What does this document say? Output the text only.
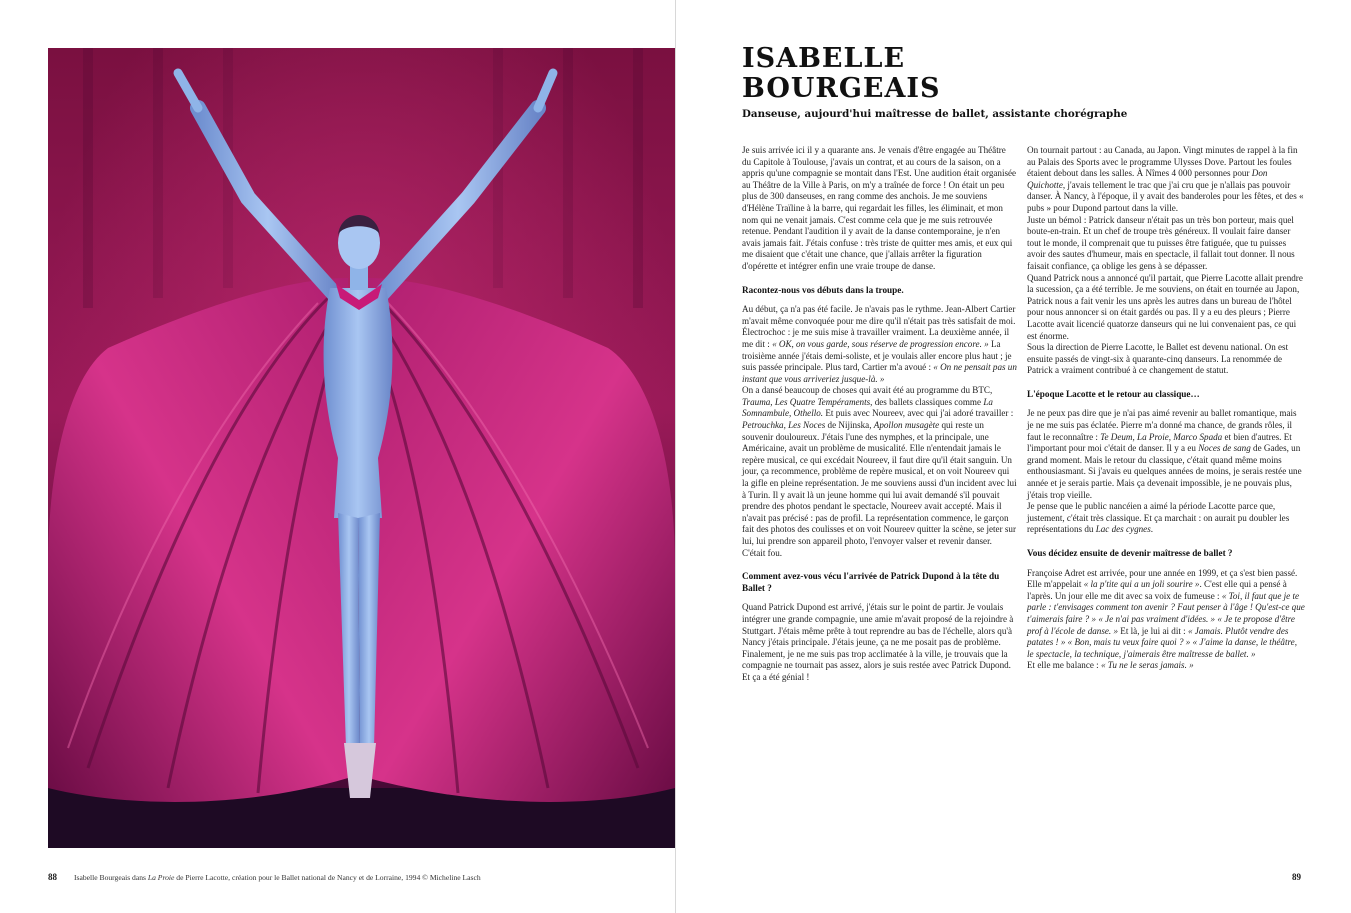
88 Isabelle Bourgeais dans La Proie de Pierre Lacotte, création pour le Ballet national de Nancy et de Lorraine, 1994 © Micheline Lasch
ISABELLE
BOURGEAIS
Danseuse, aujourd'hui maîtresse de ballet, assistante chorégraphe

Je suis arrivée ici il y a quarante ans. Je venais d'être engagée au Théâtre du Capitole à Toulouse, j'avais un contrat, et au cours de la saison, on a appris qu'une compagnie se montait dans l'Est. Une audition était organisée au Théâtre de la Ville à Paris, on m'y a traînée de force ! On était un peu plus de 300 danseuses, en rang comme des anchois. Je me souviens d'Hélène Traïline à la barre, qui regardait les filles, les éliminait, et mon nom qui ne venait jamais. C'est comme cela que je me suis retrouvée retenue. Pendant l'audition il y avait de la danse contemporaine, je n'en avais jamais fait. J'étais confuse : très triste de quitter mes amis, et eux qui me disaient que c'était une chance, que j'allais arrêter la figuration d'opérette et intégrer enfin une vraie troupe de danse.

Racontez-nous vos débuts dans la troupe.

Au début, ça n'a pas été facile. Je n'avais pas le rythme. Jean-Albert Cartier m'avait même convoquée pour me dire qu'il n'était pas très satisfait de moi. Électrochoc : je me suis mise à travailler vraiment. La deuxième année, il me dit : « OK, on vous garde, sous réserve de progression encore. » La troisième année j'étais demi-soliste, et je voulais aller encore plus haut ; je suis passée principale. Plus tard, Cartier m'a avoué : « On ne pensait pas un instant que vous arriveriez jusque-là. »

On a dansé beaucoup de choses qui avait été au programme du BTC, Trauma, Les Quatre Tempéraments, des ballets classiques comme La Somnambule, Othello. Et puis avec Noureev, avec qui j'ai adoré travailler : Petrouchka, Les Noces de Nijinska, Apollon musagète qui reste un souvenir douloureux. J'étais l'une des nymphes, et la principale, une Américaine, avait un problème de musicalité. Elle n'entendait jamais le repère musical, ce qui excédait Noureev, il faut dire qu'il était sanguin. Un jour, ça recommence, problème de repère musical, et on voit Noureev qui la gifle en pleine représentation. Je me souviens aussi d'un incident avec lui à Turin. Il y avait là un jeune homme qui lui avait demandé s'il pouvait prendre des photos pendant le spectacle, Noureev avait accepté. Mais il n'avait pas précisé : pas de profil. La représentation commence, le garçon fait des photos des coulisses et on voit Noureev quitter la scène, se jeter sur lui, lui prendre son appareil photo, l'envoyer valser et revenir danser. C'était fou.

Comment avez-vous vécu l'arrivée de Patrick Dupond à la tête du Ballet ?

Quand Patrick Dupond est arrivé, j'étais sur le point de partir. Je voulais intégrer une grande compagnie, une amie m'avait proposé de la rejoindre à Stuttgart. J'étais même prête à tout reprendre au bas de l'échelle, alors qu'à Nancy j'étais principale. J'étais jeune, ça ne me posait pas de problème. Finalement, je ne me suis pas trop acclimatée à la ville, je trouvais que la compagnie ne tournait pas assez, alors je suis restée avec Patrick Dupond. Et ça a été génial !

On tournait partout : au Canada, au Japon. Vingt minutes de rappel à la fin au Palais des Sports avec le programme Ulysses Dove. Partout les foules étaient debout dans les salles. À Nîmes 4 000 personnes pour Don Quichotte, j'avais tellement le trac que j'ai cru que je n'allais pas pouvoir danser. À Nancy, à l'époque, il y avait des banderoles pour les fêtes, et des « pubs » pour Dupond partout dans la ville.

Juste un bémol : Patrick danseur n'était pas un très bon porteur, mais quel boute-en-train. Et un chef de troupe très généreux. Il voulait faire danser tout le monde, il comprenait que tu puisses être fatiguée, que tu puisses avoir des sautes d'humeur, mais en spectacle, il fallait tout donner. Il nous faisait confiance, ça oblige les gens à se dépasser.

Quand Patrick nous a annoncé qu'il partait, que Pierre Lacotte allait prendre la sucession, ça a été terrible. Je me souviens, on était en tournée au Japon, Patrick nous a fait venir les uns après les autres dans un bureau de l'hôtel pour nous annoncer si on était gardés ou pas. Il y a eu des pleurs ; Pierre Lacotte avait licencié quatorze danseurs qui ne lui convenaient pas, ce qui est énorme.

Sous la direction de Pierre Lacotte, le Ballet est devenu national. On est ensuite passés de vingt-six à quarante-cinq danseurs. La renommée de Patrick a vraiment contribué à ce changement de statut.

L'époque Lacotte et le retour au classique…

Je ne peux pas dire que je n'ai pas aimé revenir au ballet romantique, mais je ne me suis pas éclatée. Pierre m'a donné ma chance, de grands rôles, il faut le reconnaître : Te Deum, La Proie, Marco Spada et bien d'autres. Et l'important pour moi c'était de danser. Il y a eu Noces de sang de Gades, un grand moment. Mais le retour du classique, c'était quand même moins enthousiasmant. Si j'avais eu quelques années de moins, je serais restée une année et je serais partie. Mais ça devenait impossible, je ne pouvais plus, j'étais trop vieille.

Je pense que le public nancéien a aimé la période Lacotte parce que, justement, c'était très classique. Et ça marchait : on aurait pu doubler les représentations du Lac des cygnes.

Vous décidez ensuite de devenir maîtresse de ballet ?

Françoise Adret est arrivée, pour une année en 1999, et ça s'est bien passé. Elle m'appelait « la p'tite qui a un joli sourire ». C'est elle qui a pensé à l'après. Un jour elle me dit avec sa voix de fumeuse : « Toi, il faut que je te parle : t'envisages comment ton avenir ? Faut penser à l'âge ! Qu'est-ce que t'aimerais faire ? » « Je n'ai pas vraiment d'idées. » « Je te propose d'être prof à l'école de danse. » Et là, je lui ai dit : « Jamais. Plutôt vendre des patates ! » « Bon, mais tu veux faire quoi ? » « J'aime la danse, le théâtre, le spectacle, la technique, j'aimerais être maîtresse de ballet. »

Et elle me balance : « Tu ne le seras jamais. »

89
